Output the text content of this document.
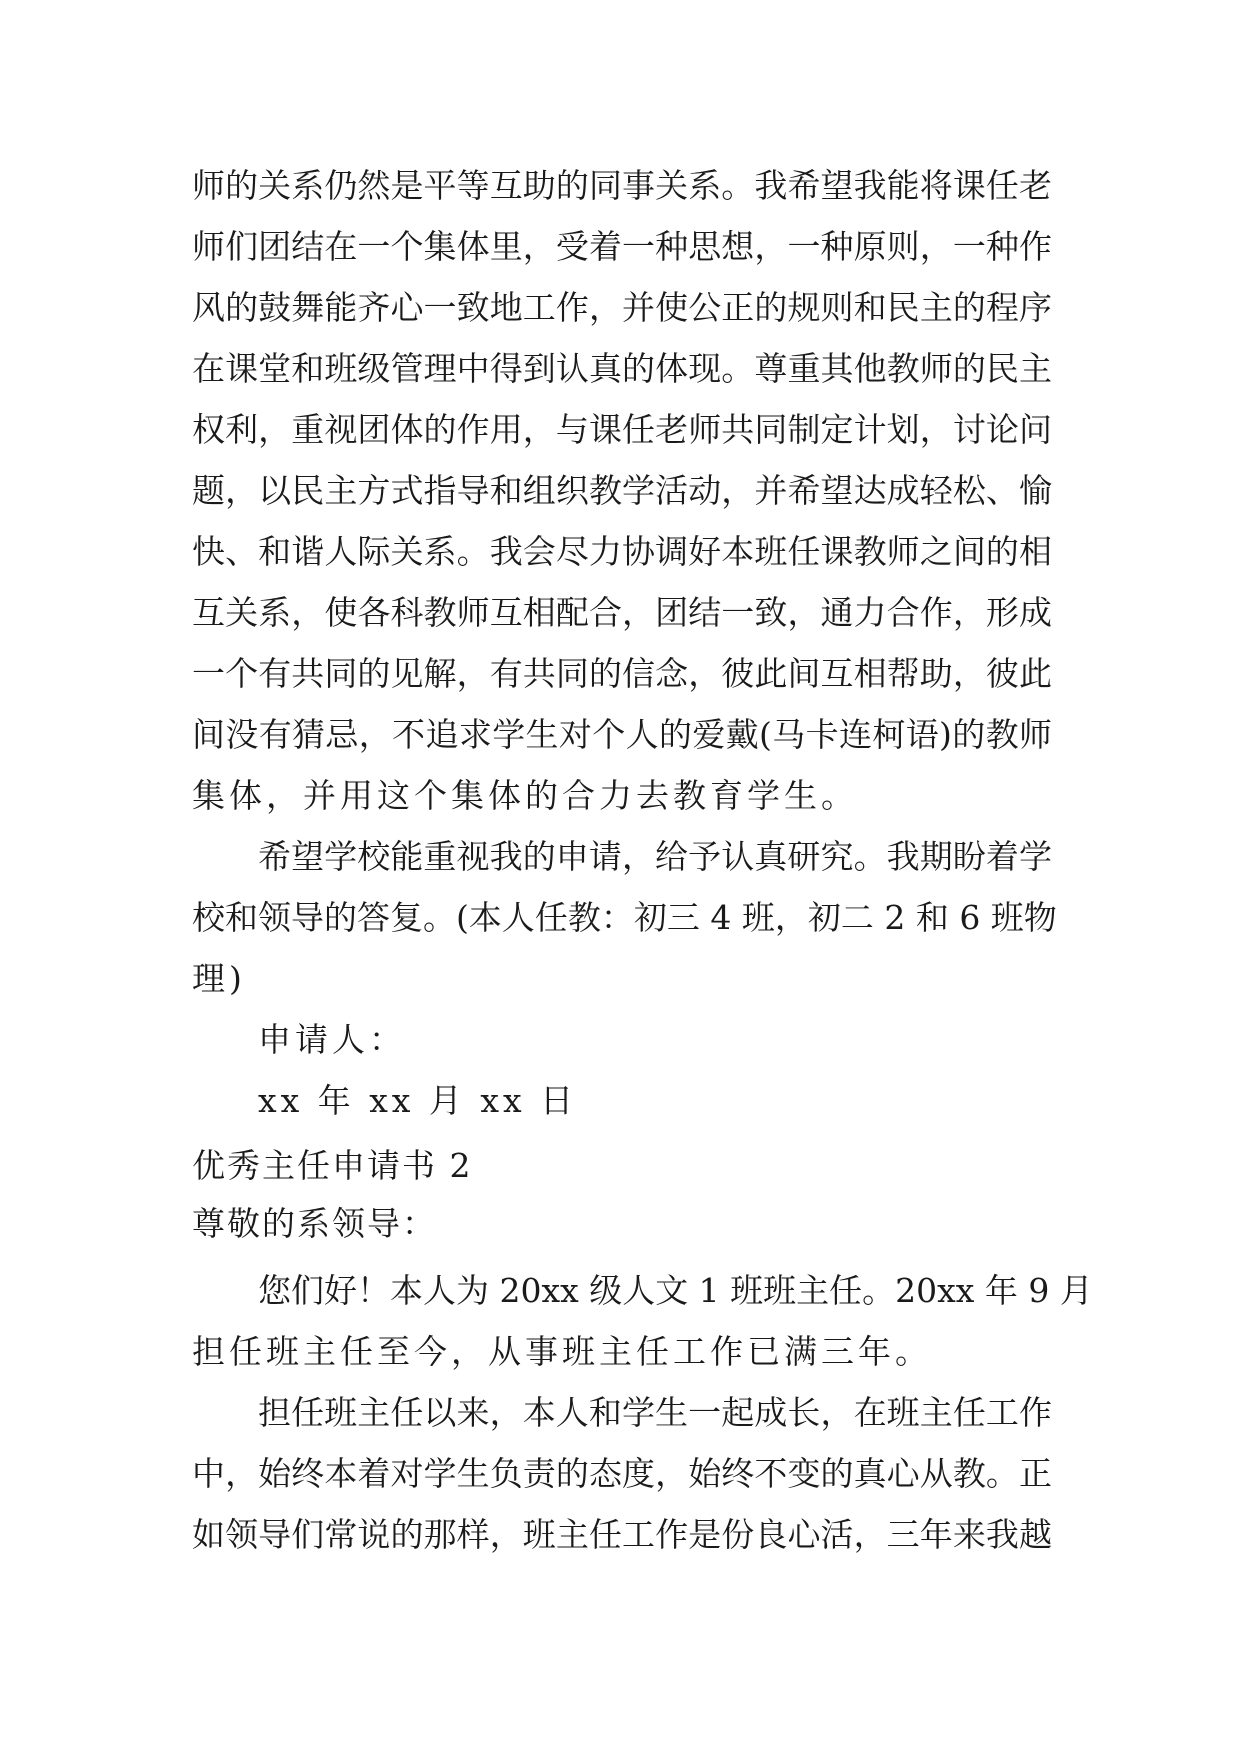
师的关系仍然是平等互助的同事关系。我希望我能将课任老
师们团结在一个集体里，受着一种思想，一种原则，一种作
风的鼓舞能齐心一致地工作，并使公正的规则和民主的程序
在课堂和班级管理中得到认真的体现。尊重其他教师的民主
权利，重视团体的作用，与课任老师共同制定计划，讨论问
题，以民主方式指导和组织教学活动，并希望达成轻松、愉
快、和谐人际关系。我会尽力协调好本班任课教师之间的相
互关系，使各科教师互相配合，团结一致，通力合作，形成
一个有共同的见解，有共同的信念，彼此间互相帮助，彼此
间没有猜忌，不追求学生对个人的爱戴(马卡连柯语)的教师
集体，并用这个集体的合力去教育学生。
希望学校能重视我的申请，给予认真研究。我期盼着学
校和领导的答复。(本人任教：初三 4 班，初二 2 和 6 班物
理)
申请人：
xx 年 xx 月 xx 日
优秀主任申请书 2
尊敬的系领导：
您们好！本人为 20xx 级人文 1 班班主任。20xx 年 9 月
担任班主任至今，从事班主任工作已满三年。
担任班主任以来，本人和学生一起成长，在班主任工作
中，始终本着对学生负责的态度，始终不变的真心从教。正
如领导们常说的那样，班主任工作是份良心活，三年来我越
